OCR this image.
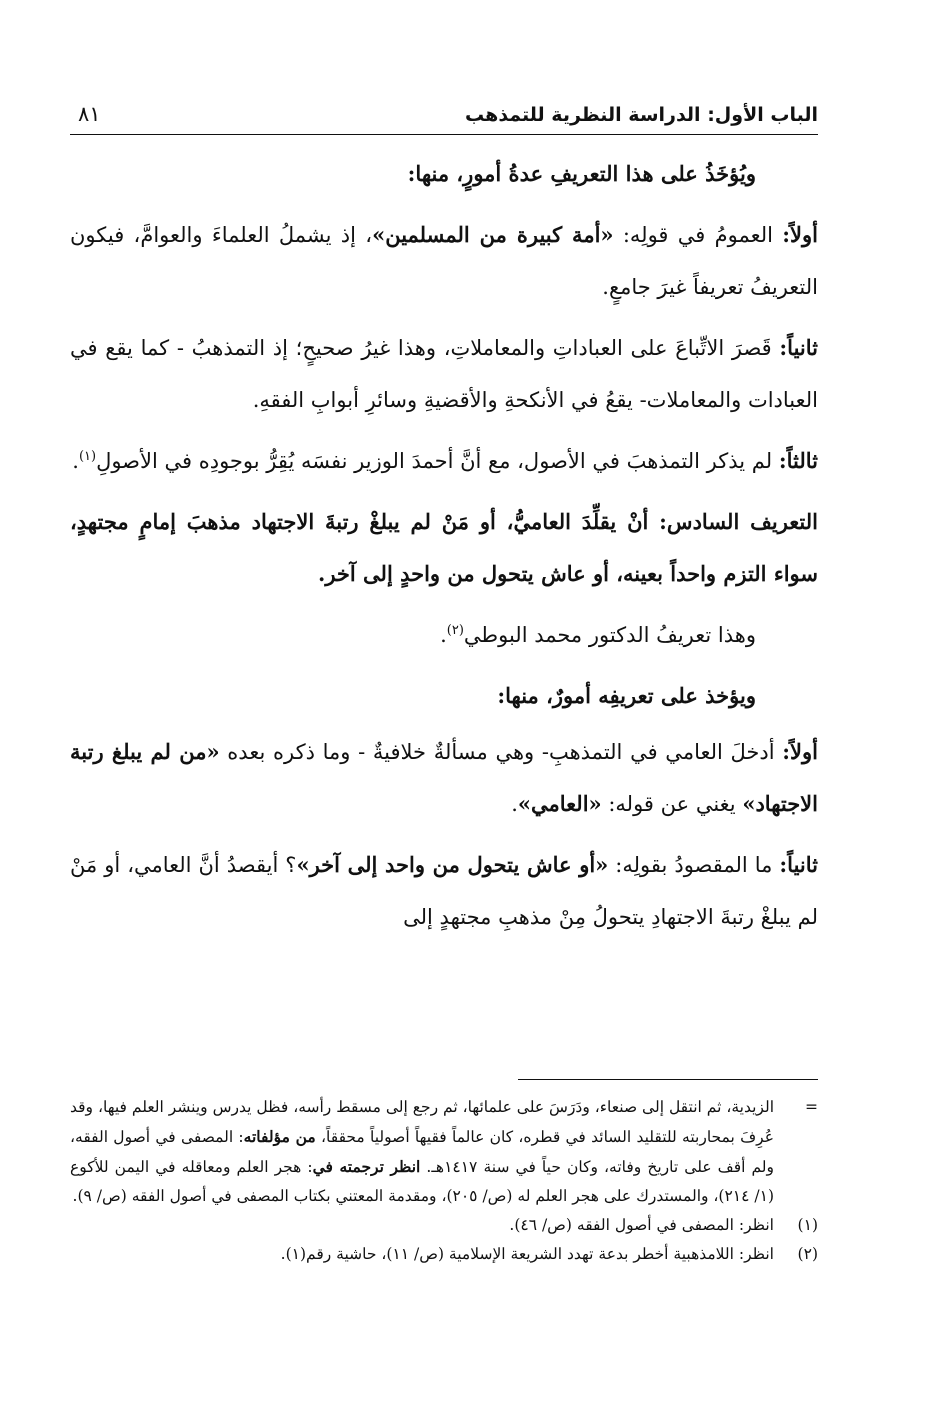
الباب الأول: الدراسة النظرية للتمذهب
٨١

ويُؤخَذُ على هذا التعريفِ عدةُ أمورٍ، منها:

أولاً: العمومُ في قولِه: «أمة كبيرة من المسلمين»، إذ يشملُ العلماءَ والعوامَّ، فيكون التعريفُ تعريفاً غيرَ جامعٍ.

ثانياً: قَصرَ الاتِّباعَ على العباداتِ والمعاملاتِ، وهذا غيرُ صحيحٍ؛ إذ التمذهبُ - كما يقع في العبادات والمعاملات- يقعُ في الأنكحةِ والأقضيةِ وسائرِ أبوابِ الفقهِ.

ثالثاً: لم يذكر التمذهبَ في الأصول، مع أنَّ أحمدَ الوزير نفسَه يُقِرُّ بوجودِه في الأصولِ$^{(١)}$.

التعريف السادس: أنْ يقلِّدَ العاميُّ، أو مَنْ لم يبلغْ رتبةَ الاجتهاد مذهبَ إمامٍ مجتهدٍ، سواء التزم واحداً بعينه، أو عاش يتحول من واحدٍ إلى آخر.

وهذا تعريفُ الدكتور محمد البوطي$^{(٢)}$.

ويؤخذ على تعريفِه أمورٌ، منها:

أولاً: أدخلَ العامي في التمذهبِ- وهي مسألةٌ خلافيةٌ - وما ذكره بعده «من لم يبلغ رتبة الاجتهاد» يغني عن قوله: «العامي».

ثانياً: ما المقصودُ بقولِه: «أو عاش يتحول من واحد إلى آخر»؟ أيقصدُ أنَّ العامي، أو مَنْ لم يبلغْ رتبةَ الاجتهادِ يتحولُ مِنْ مذهبِ مجتهدٍ إلى

=
الزيدية، ثم انتقل إلى صنعاء، ودَرَسَ على علمائها، ثم رجع إلى مسقط رأسه، فظل يدرس وينشر العلم فيها، وقد عُرِفَ بمحاربته للتقليد السائد في قطره، كان عالماً فقيهاً أصولياً محققاً، من مؤلفاته: المصفى في أصول الفقه، ولم أقف على تاريخ وفاته، وكان حياً في سنة ١٤١٧هـ. انظر ترجمته في: هجر العلم ومعاقله في اليمن للأكوع (١/ ٢١٤)، والمستدرك على هجر العلم له (ص/ ٢٠٥)، ومقدمة المعتني بكتاب المصفى في أصول الفقه (ص/ ٩).
(١)
انظر: المصفى في أصول الفقه (ص/ ٤٦).
(٢)
انظر: اللامذهبية أخطر بدعة تهدد الشريعة الإسلامية (ص/ ١١)، حاشية رقم(١).
